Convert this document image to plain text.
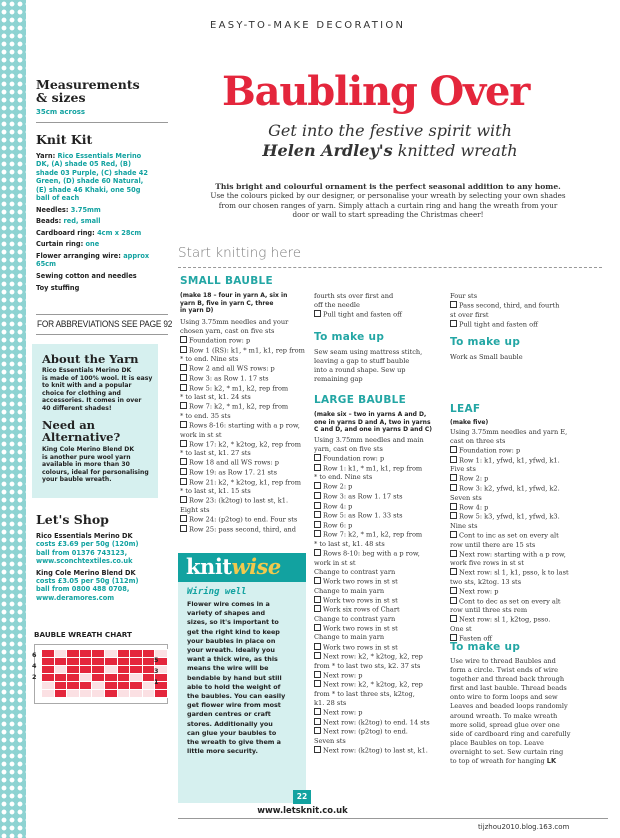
Measurements
& sizes
35cm across
Knit Kit
Yarn: Rico Essentials Merino
DK, (A) shade 05 Red, (B)
shade 03 Purple, (C) shade 42
Green, (D) shade 60 Natural,
(E) shade 46 Khaki, one 50g
ball of each
Needles: 3.75mm
Beads: red, small
Cardboard ring: 4cm x 28cm
Curtain ring: one
Flower arranging wire: approx
65cm
Sewing cotton and needles
Toy stuffing
FOR ABBREVIATIONS SEE PAGE 92
About the Yarn
Rico Essentials Merino DK
is made of 100% wool. It is easy
to knit with and a popular
choice for clothing and
accessories. It comes in over
40 different shades!
Need an
Alternative?
King Cole Merino Blend DK
is another pure wool yarn
available in more than 30
colours, ideal for personalising
your bauble wreath.
Let's Shop
Rico Essentials Merino DK
costs £3.69 per 50g (120m)
ball from 01376 743123,
www.sconchtextiles.co.uk
King Cole Merino Blend DK
costs £3.05 per 50g (112m)
ball from 0800 488 0708,
www.deramores.com
BAUBLE WREATH CHART
6
4
2

5
3
1
EASY-TO-MAKE DECORATION
Baubling Over
Get into the festive spirit with
Helen Ardley's knitted wreath
This bright and colourful ornament is the perfect seasonal addition to any home.
Use the colours picked by our designer, or personalise your wreath by selecting your own shades
from our chosen ranges of yarn. Simply attach a curtain ring and hang the wreath from your
door or wall to start spreading the Christmas cheer!
Start knitting here
SMALL BAUBLE
(make 18 – four in yarn A, six in
yarn B, five in yarn C, three
in yarn D)
Using 3.75mm needles and your
chosen yarn, cast on five sts
Foundation row: p
Row 1 (RS): k1, * m1, k1, rep from
* to end. Nine sts
Row 2 and all WS rows: p
Row 3: as Row 1. 17 sts
Row 5: k2, * m1, k2, rep from
* to last st, k1. 24 sts
Row 7: k2, * m1, k2, rep from
* to end. 35 sts
Rows 8-16: starting with a p row,
work in st st
Row 17: k2, * k2tog, k2, rep from
* to last st, k1. 27 sts
Row 18 and all WS rows: p
Row 19: as Row 17. 21 sts
Row 21: k2, * k2tog, k1, rep from
* to last st, k1. 15 sts
Row 23: (k2tog) to last st, k1.
Eight sts
Row 24: (p2tog) to end. Four sts
Row 25: pass second, third, and
knitwise
Wiring well
Flower wire comes in a
variety of shapes and
sizes, so it's important to
get the right kind to keep
your baubles in place on
your wreath. Ideally you
want a thick wire, as this
means the wire will be
bendable by hand but still
able to hold the weight of
the baubles. You can easily
get flower wire from most
garden centres or craft
stores. Additionally you
can glue your baubles to
the wreath to give them a
little more security.
fourth sts over first and
off the needle
Pull tight and fasten off
To make up
Sew seam using mattress stitch,
leaving a gap to stuff bauble
into a round shape. Sew up
remaining gap
LARGE BAUBLE
(make six – two in yarns A and D,
one in yarns D and A, two in yarns
C and D, and one in yarns D and C)
Using 3.75mm needles and main
yarn, cast on five sts
Foundation row: p
Row 1: k1, * m1, k1, rep from
* to end. Nine sts
Row 2: p
Row 3: as Row 1. 17 sts
Row 4: p
Row 5: as Row 1. 33 sts
Row 6: p
Row 7: k2, * m1, k2, rep from
* to last st, k1. 48 sts
Rows 8-10: beg with a p row,
work in st st
Change to contrast yarn
Work two rows in st st
Change to main yarn
Work two rows in st st
Work six rows of Chart
Change to contrast yarn
Work two rows in st st
Change to main yarn
Work two rows in st st
Next row: k2, * k2tog, k2, rep
from * to last two sts, k2. 37 sts
Next row: p
Next row: k2, * k2tog, k2, rep
from * to last three sts, k2tog,
k1. 28 sts
Next row: p
Next row: (k2tog) to end. 14 sts
Next row: (p2tog) to end.
Seven sts
Next row: (k2tog) to last st, k1.
Four sts
Pass second, third, and fourth
st over first
Pull tight and fasten off
To make up
Work as Small bauble
LEAF
(make five)
Using 3.75mm needles and yarn E,
cast on three sts
Foundation row: p
Row 1: k1, yfwd, k1, yfwd, k1.
Five sts
Row 2: p
Row 3: k2, yfwd, k1, yfwd, k2.
Seven sts
Row 4: p
Row 5: k3, yfwd, k1, yfwd, k3.
Nine sts
Cont to inc as set on every alt
row until there are 15 sts
Next row: starting with a p row,
work five rows in st st
Next row: sl 1, k1, psso, k to last
two sts, k2tog. 13 sts
Next row: p
Cont to dec as set on every alt
row until three sts rem
Next row: sl 1, k2tog, psso.
One st
Fasten off
To make up
Use wire to thread Baubles and
form a circle. Twist ends of wire
together and thread back through
first and last bauble. Thread beads
onto wire to form loops and sew
Leaves and beaded loops randomly
around wreath. To make wreath
more solid, spread glue over one
side of cardboard ring and carefully
place Baubles on top. Leave
overnight to set. Sew curtain ring
to top of wreath for hanging LK
22
www.letsknit.co.uk
tijzhou2010.blog.163.com
